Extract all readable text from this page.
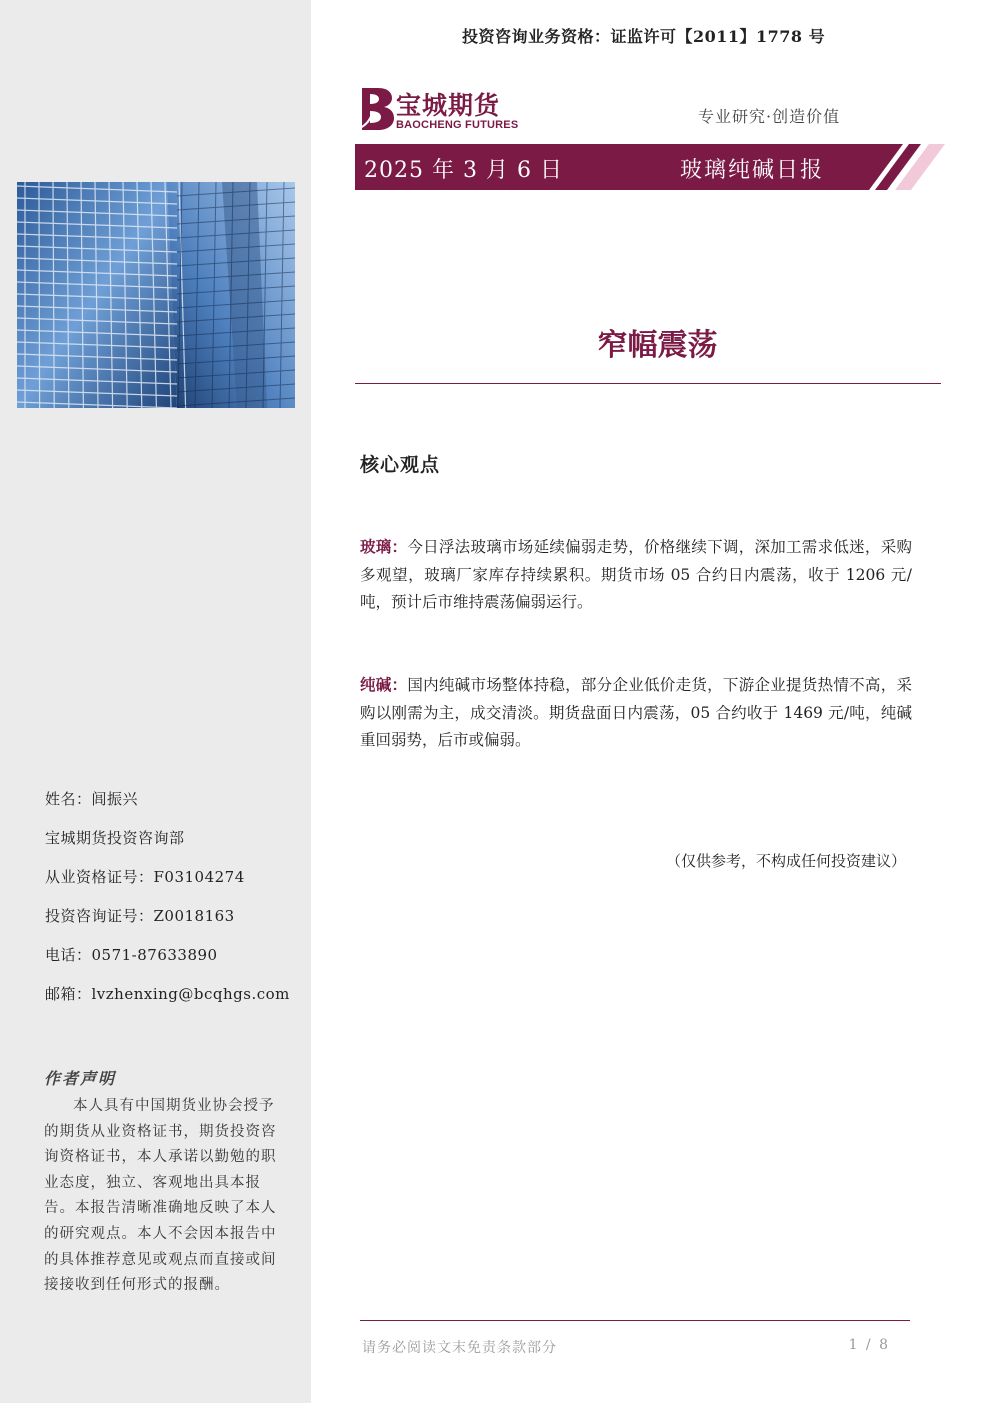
投资咨询业务资格：证监许可【2011】1778 号
宝城期货
BAOCHENG FUTURES	专业研究·创造价值
2025 年 3 月 6 日	玻璃纯碱日报
窄幅震荡
核心观点
玻璃：今日浮法玻璃市场延续偏弱走势，价格继续下调，深加工需求低迷，采购多观望，玻璃厂家库存持续累积。期货市场 05 合约日内震荡，收于 1206 元/吨，预计后市维持震荡偏弱运行。
纯碱：国内纯碱市场整体持稳，部分企业低价走货，下游企业提货热情不高，采购以刚需为主，成交清淡。期货盘面日内震荡，05 合约收于 1469 元/吨，纯碱重回弱势，后市或偏弱。
（仅供参考，不构成任何投资建议）
姓名：闾振兴
宝城期货投资咨询部
从业资格证号：F03104274
投资咨询证号：Z0018163
电话：0571-87633890
邮箱：lvzhenxing@bcqhgs.com
作者声明
本人具有中国期货业协会授予的期货从业资格证书，期货投资咨询资格证书，本人承诺以勤勉的职业态度，独立、客观地出具本报告。本报告清晰准确地反映了本人的研究观点。本人不会因本报告中的具体推荐意见或观点而直接或间接接收到任何形式的报酬。
请务必阅读文末免责条款部分	1 / 8
